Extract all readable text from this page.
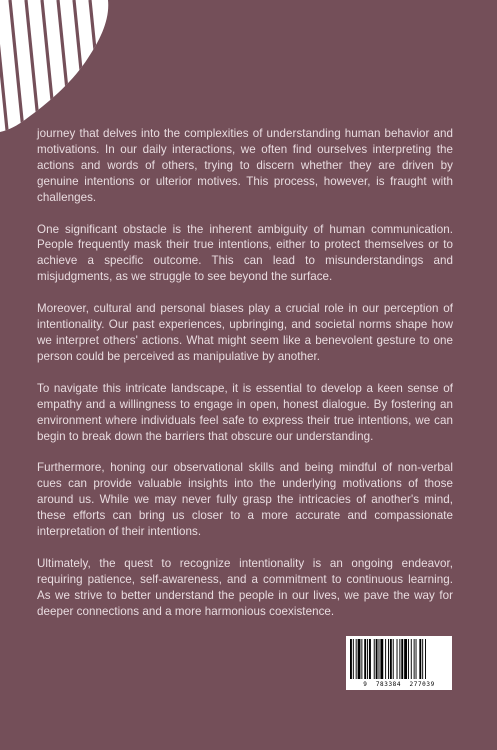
journey that delves into the complexities of understanding human behavior and motivations. In our daily interactions, we often find ourselves interpreting the actions and words of others, trying to discern whether they are driven by genuine intentions or ulterior motives. This process, however, is fraught with challenges.

One significant obstacle is the inherent ambiguity of human communication. People frequently mask their true intentions, either to protect themselves or to achieve a specific outcome. This can lead to misunderstandings and misjudgments, as we struggle to see beyond the surface.

Moreover, cultural and personal biases play a crucial role in our perception of intentionality. Our past experiences, upbringing, and societal norms shape how we interpret others' actions. What might seem like a benevolent gesture to one person could be perceived as manipulative by another.

To navigate this intricate landscape, it is essential to develop a keen sense of empathy and a willingness to engage in open, honest dialogue. By fostering an environment where individuals feel safe to express their true intentions, we can begin to break down the barriers that obscure our understanding.

Furthermore, honing our observational skills and being mindful of non-verbal cues can provide valuable insights into the underlying motivations of those around us. While we may never fully grasp the intricacies of another's mind, these efforts can bring us closer to a more accurate and compassionate interpretation of their intentions.

Ultimately, the quest to recognize intentionality is an ongoing endeavor, requiring patience, self-awareness, and a commitment to continuous learning. As we strive to better understand the people in our lives, we pave the way for deeper connections and a more harmonious coexistence.

9  783384  277039
